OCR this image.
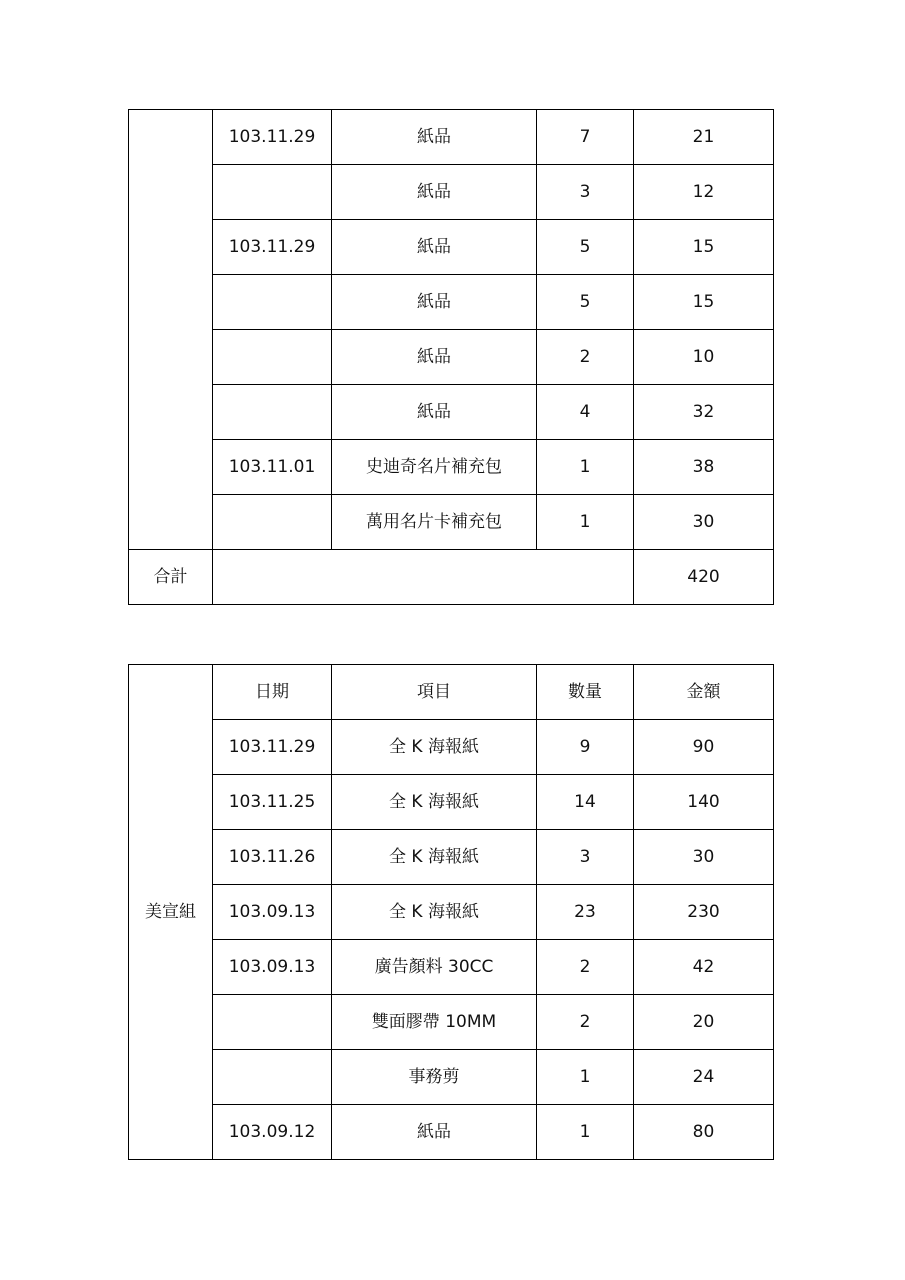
	103.11.29	紙品	7	21
		紙品	3	12
	103.11.29	紙品	5	15
		紙品	5	15
		紙品	2	10
		紙品	4	32
	103.11.01	史迪奇名片補充包	1	38
		萬用名片卡補充包	1	30
合計				420
美宣組	日期	項目	數量	金額
	103.11.29	全 K 海報紙	9	90
	103.11.25	全 K 海報紙	14	140
	103.11.26	全 K 海報紙	3	30
	103.09.13	全 K 海報紙	23	230
	103.09.13	廣告顏料 30CC	2	42
		雙面膠帶 10MM	2	20
		事務剪	1	24
	103.09.12	紙品	1	80
